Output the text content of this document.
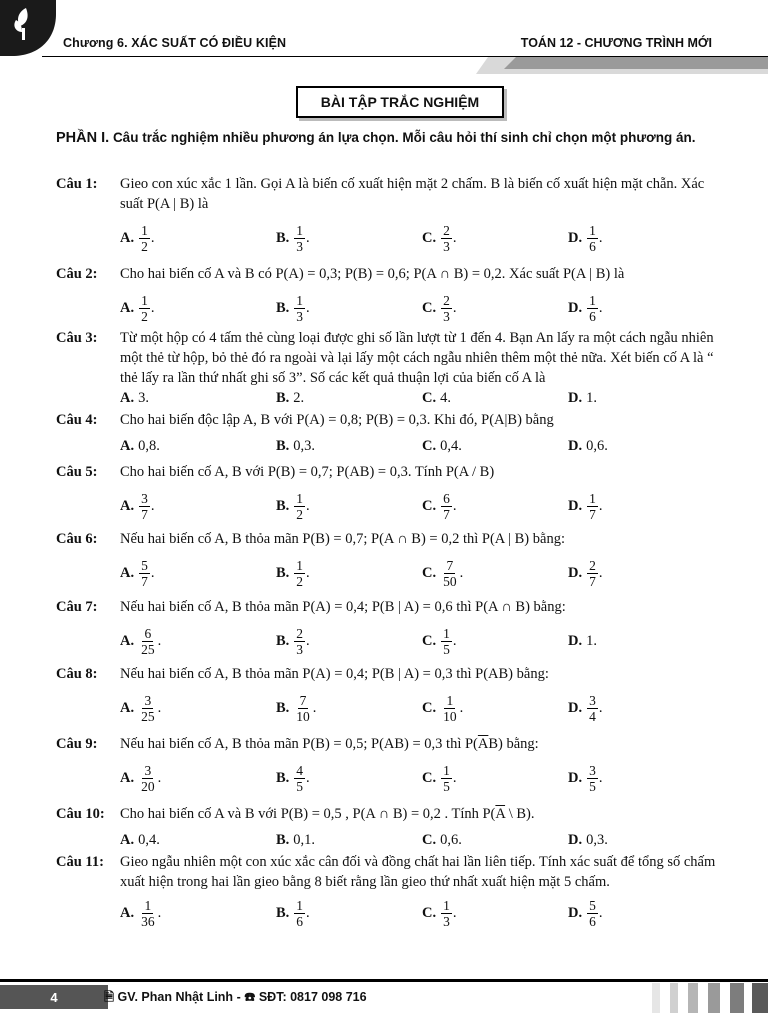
Chương 6. XÁC SUẤT CÓ ĐIỀU KIỆN	TOÁN 12 - CHƯƠNG TRÌNH MỚI
BÀI TẬP TRẮC NGHIỆM
PHẦN I. Câu trắc nghiệm nhiều phương án lựa chọn. Mỗi câu hỏi thí sinh chỉ chọn một phương án.
Câu 1: Gieo con xúc xắc 1 lần. Gọi A là biến cố xuất hiện mặt 2 chấm. B là biến cố xuất hiện mặt chẵn. Xác suất P(A | B) là
A. $\frac{1}{2}$ .	B. $\frac{1}{3}$ .	C. $\frac{2}{3}$ .	D. $\frac{1}{6}$ .
Câu 2: Cho hai biến cố A và B có P(A) = 0,3; P(B) = 0,6; P(A ∩ B) = 0,2. Xác suất P(A | B) là
A. $\frac{1}{2}$ .	B. $\frac{1}{3}$ .	C. $\frac{2}{3}$ .	D. $\frac{1}{6}$ .
Câu 3: Từ một hộp có 4 tấm thẻ cùng loại được ghi số lần lượt từ 1 đến 4. Bạn An lấy ra một cách ngẫu nhiên một thẻ từ hộp, bỏ thẻ đó ra ngoài và lại lấy một cách ngẫu nhiên thêm một thẻ nữa. Xét biến cố A là “ thẻ lấy ra lần thứ nhất ghi số 3”. Số các kết quả thuận lợi của biến cố A là
A. 3.	B. 2.	C. 4.	D. 1.
Câu 4: Cho hai biến độc lập A, B với P(A) = 0,8; P(B) = 0,3. Khi đó, P(A|B) bằng
A. 0,8.	B. 0,3.	C. 0,4.	D. 0,6.
Câu 5: Cho hai biến cố A, B với P(B) = 0,7; P(AB) = 0,3. Tính P(A / B)
A. $\frac{3}{7}$ .	B. $\frac{1}{2}$ .	C. $\frac{6}{7}$ .	D. $\frac{1}{7}$ .
Câu 6: Nếu hai biến cố A, B thỏa mãn P(B) = 0,7; P(A ∩ B) = 0,2 thì P(A | B) bằng:
A. $\frac{5}{7}$ .	B. $\frac{1}{2}$ .	C. $\frac{7}{50}$ .	D. $\frac{2}{7}$ .
Câu 7: Nếu hai biến cố A, B thỏa mãn P(A) = 0,4; P(B | A) = 0,6 thì P(A ∩ B) bằng:
A. $\frac{6}{25}$ .	B. $\frac{2}{3}$ .	C. $\frac{1}{5}$ .	D. 1.
Câu 8: Nếu hai biến cố A, B thỏa mãn P(A) = 0,4; P(B | A) = 0,3 thì P(AB) bằng:
A. $\frac{3}{25}$ .	B. $\frac{7}{10}$ .	C. $\frac{1}{10}$ .	D. $\frac{3}{4}$ .
Câu 9: Nếu hai biến cố A, B thỏa mãn P(B) = 0,5; P(AB) = 0,3 thì $P(\overline{A}B)$ bằng:
A. $\frac{3}{20}$ .	B. $\frac{4}{5}$ .	C. $\frac{1}{5}$ .	D. $\frac{3}{5}$ .
Câu 10: Cho hai biến cố A và B với P(B) = 0,5 , P(A ∩ B) = 0,2 . Tính $P(\overline{A}$ \ B).
A. 0,4.	B. 0,1.	C. 0,6.	D. 0,3.
Câu 11: Gieo ngẫu nhiên một con xúc xắc cân đối và đồng chất hai lần liên tiếp. Tính xác suất để tổng số chấm xuất hiện trong hai lần gieo bằng 8 biết rằng lần gieo thứ nhất xuất hiện mặt 5 chấm.
A. $\frac{1}{36}$ .	B. $\frac{1}{6}$ .	C. $\frac{1}{3}$ .	D. $\frac{5}{6}$ .
4	🗎 GV. Phan Nhật Linh - ☎ SĐT: 0817 098 716
